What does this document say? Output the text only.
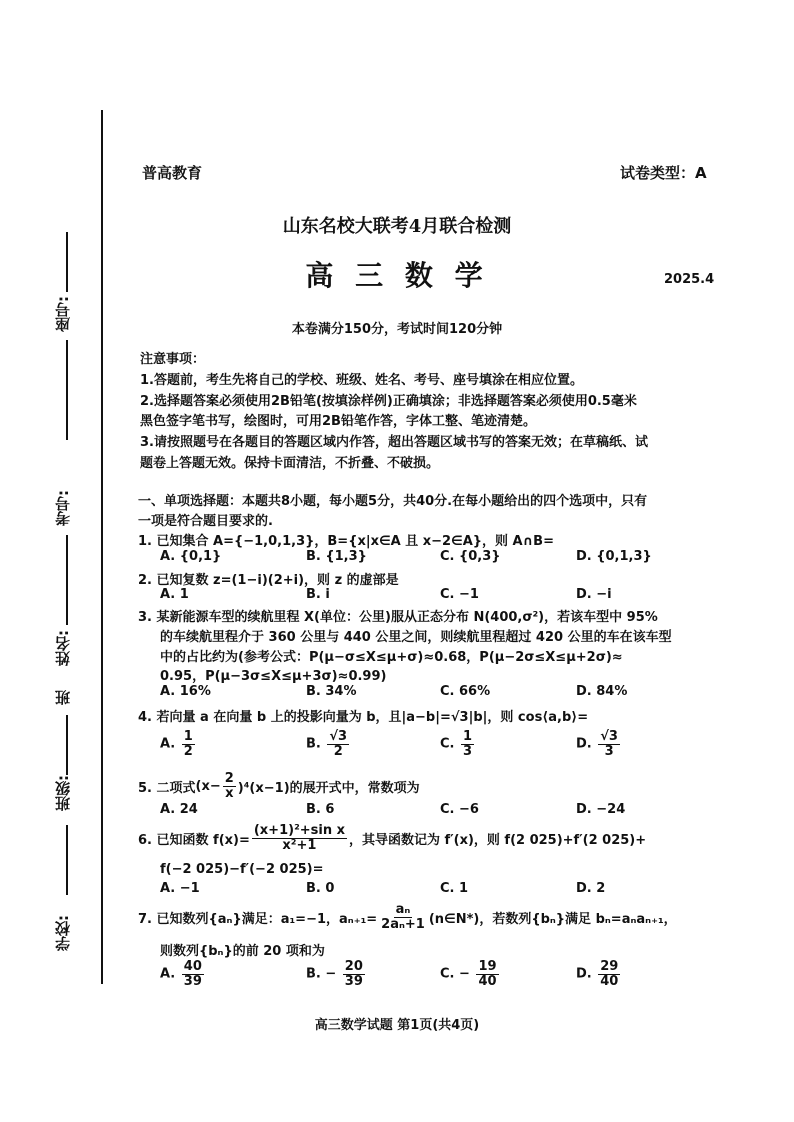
座号:
考号:
姓名:
班
班级:
学校:
普高教育	试卷类型：A
山东名校大联考4月联合检测
高 三 数 学	2025.4
本卷满分150分，考试时间120分钟
注意事项：
1.答题前，考生先将自己的学校、班级、姓名、考号、座号填涂在相应位置。
2.选择题答案必须使用2B铅笔(按填涂样例)正确填涂；非选择题答案必须使用0.5毫米
黑色签字笔书写，绘图时，可用2B铅笔作答，字体工整、笔迹清楚。
3.请按照题号在各题目的答题区域内作答，超出答题区域书写的答案无效；在草稿纸、试
题卷上答题无效。保持卡面清洁，不折叠、不破损。
一、单项选择题：本题共8小题，每小题5分，共40分.在每小题给出的四个选项中，只有
一项是符合题目要求的.
1. 已知集合 A={−1,0,1,3}，B={x|x∈A 且 x−2∈A}，则 A∩B=
A. {0,1}	B. {1,3}	C. {0,3}	D. {0,1,3}
2. 已知复数 z=(1−i)(2+i)，则 z 的虚部是
A. 1	B. i	C. −1	D. −i
3. 某新能源车型的续航里程 X(单位：公里)服从正态分布 N(400,σ²)，若该车型中 95%
的车续航里程介于 360 公里与 440 公里之间，则续航里程超过 420 公里的车在该车型
中的占比约为(参考公式：P(μ−σ≤X≤μ+σ)≈0.68，P(μ−2σ≤X≤μ+2σ)≈
0.95，P(μ−3σ≤X≤μ+3σ)≈0.99)
A. 16%	B. 34%	C. 66%	D. 84%
4. 若向量 a 在向量 b 上的投影向量为 b，且|a−b|=√3|b|，则 cos⟨a,b⟩=
A. $\frac{1}{2}$	B. $\frac{√3}{2}$	C. $\frac{1}{3}$	D. $\frac{√3}{3}$
5. 二项式 $(x- \frac{2}{x} )^4(x-1)$的展开式中，常数项为
A. 24	B. 6	C. −6	D. −24
6. 已知函数 $f(x)= \frac{\text{(x+1)²+sin x}}{\text{x²+1}}$ ，其导函数记为 f′(x)，则 f(2 025)+f′(2 025)+
f(−2 025)−f′(−2 025)=
A. −1	B. 0	C. 1	D. 2
7. 已知数列{aₙ}满足：a₁=−1，$a_{n+1}= \frac{\text{aₙ}}{\text{2aₙ+1}}$ (n∈N*)，若数列{bₙ}满足 bₙ=aₙaₙ₊₁，
则数列{bₙ}的前 20 项和为
A. $\frac{40}{39}$	B. − $\frac{20}{39}$	C. − $\frac{19}{40}$	D. $\frac{29}{40}$
高三数学试题 第1页(共4页)
